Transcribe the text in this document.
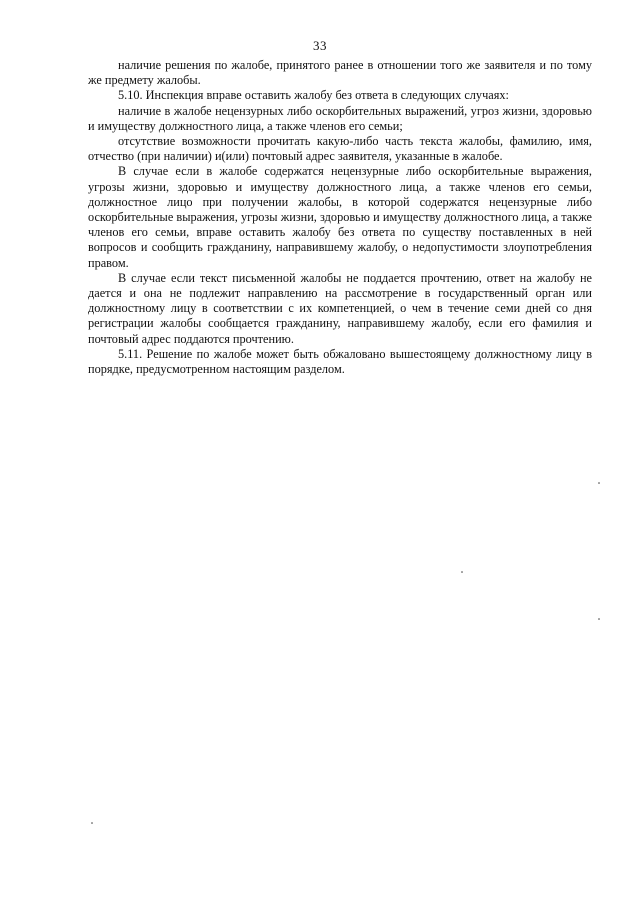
33

наличие решения по жалобе, принятого ранее в отношении того же заявителя и по тому же предмету жалобы.

5.10. Инспекция вправе оставить жалобу без ответа в следующих случаях:

наличие в жалобе нецензурных либо оскорбительных выражений, угроз жизни, здоровью и имуществу должностного лица, а также членов его семьи;

отсутствие возможности прочитать какую-либо часть текста жалобы, фамилию, имя, отчество (при наличии) и(или) почтовый адрес заявителя, указанные в жалобе.

В случае если в жалобе содержатся нецензурные либо оскорбительные выражения, угрозы жизни, здоровью и имуществу должностного лица, а также членов его семьи, должностное лицо при получении жалобы, в которой содержатся нецензурные либо оскорбительные выражения, угрозы жизни, здоровью и имуществу должностного лица, а также членов его семьи, вправе оставить жалобу без ответа по существу поставленных в ней вопросов и сообщить гражданину, направившему жалобу, о недопустимости злоупотребления правом.

В случае если текст письменной жалобы не поддается прочтению, ответ на жалобу не дается и она не подлежит направлению на рассмотрение в государственный орган или должностному лицу в соответствии с их компетенцией, о чем в течение семи дней со дня регистрации жалобы сообщается гражданину, направившему жалобу, если его фамилия и почтовый адрес поддаются прочтению.

5.11. Решение по жалобе может быть обжаловано вышестоящему должностному лицу в порядке, предусмотренном настоящим разделом.
